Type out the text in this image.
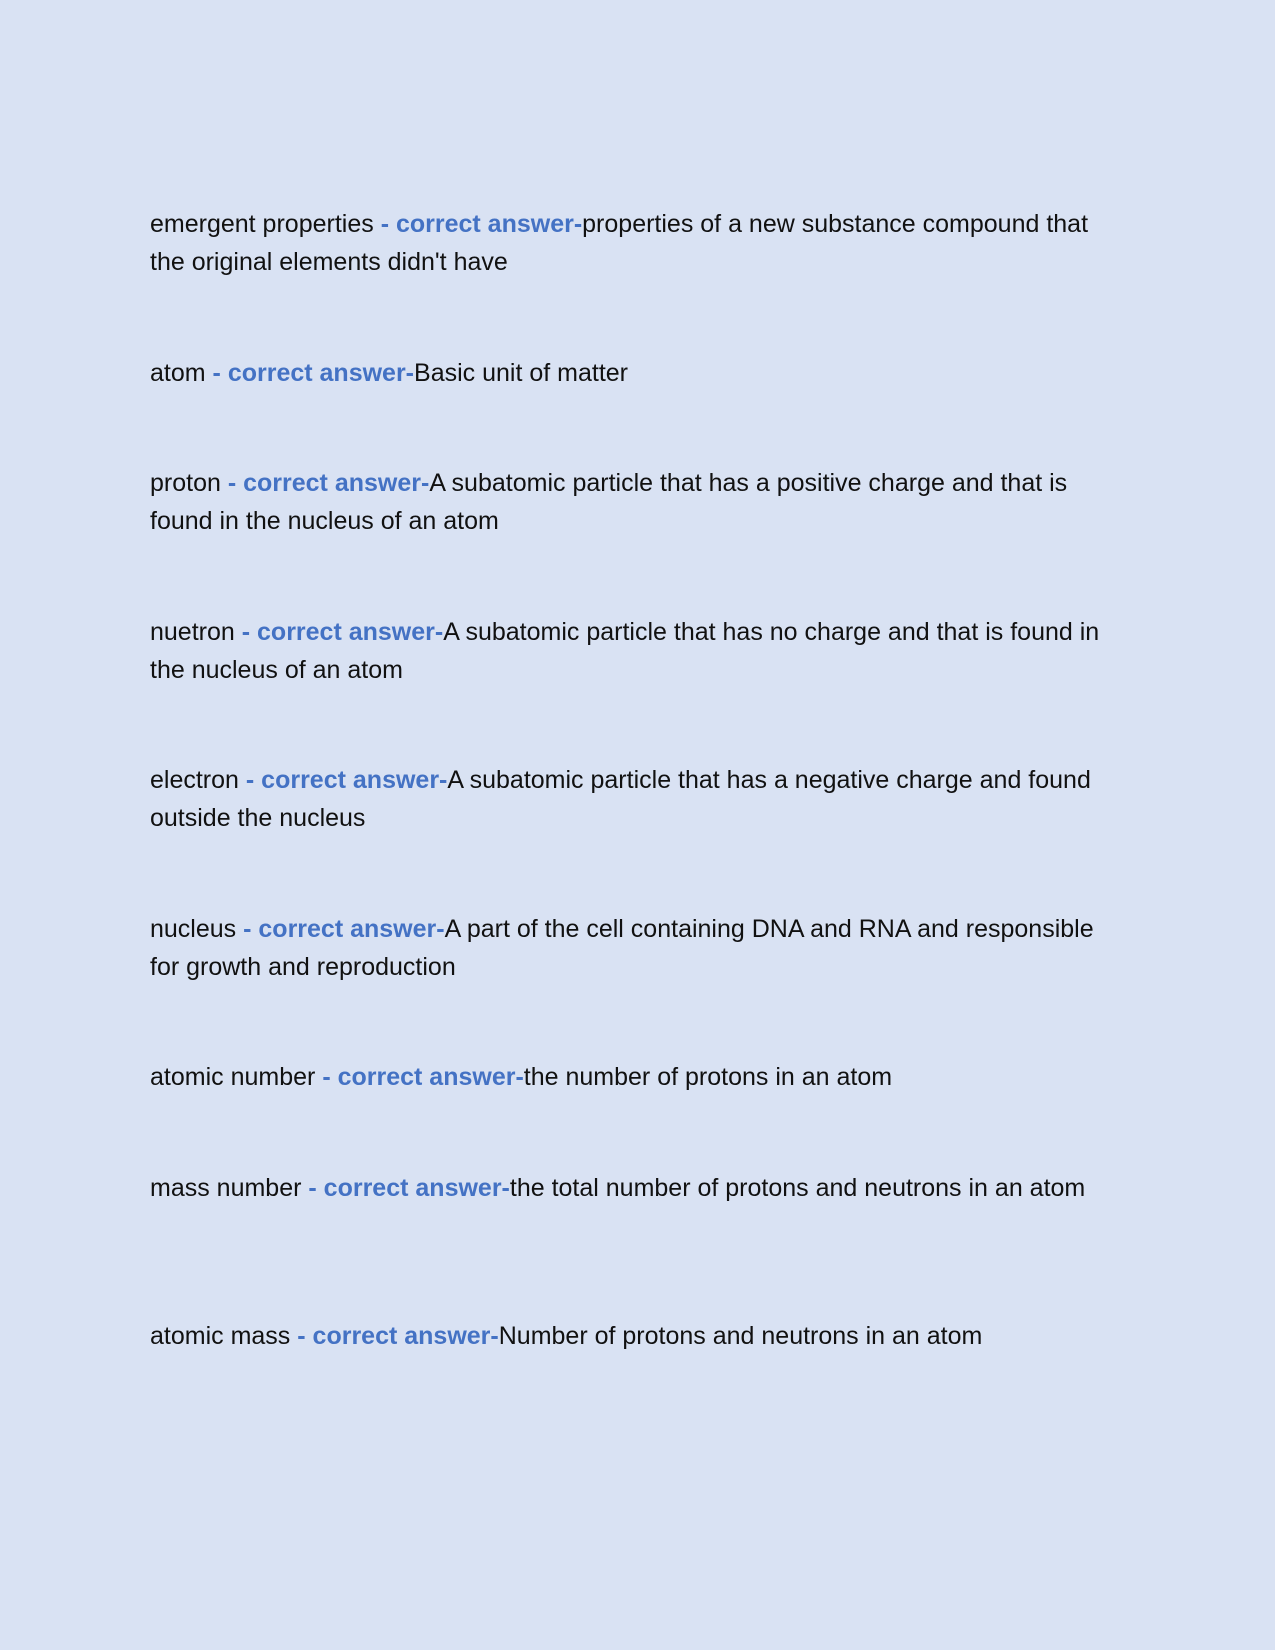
emergent properties - correct answer-properties of a new substance compound that the original elements didn't have

atom - correct answer-Basic unit of matter

proton - correct answer-A subatomic particle that has a positive charge and that is found in the nucleus of an atom

nuetron - correct answer-A subatomic particle that has no charge and that is found in the nucleus of an atom

electron - correct answer-A subatomic particle that has a negative charge and found outside the nucleus

nucleus - correct answer-A part of the cell containing DNA and RNA and responsible for growth and reproduction

atomic number - correct answer-the number of protons in an atom

mass number - correct answer-the total number of protons and neutrons in an atom

atomic mass - correct answer-Number of protons and neutrons in an atom
